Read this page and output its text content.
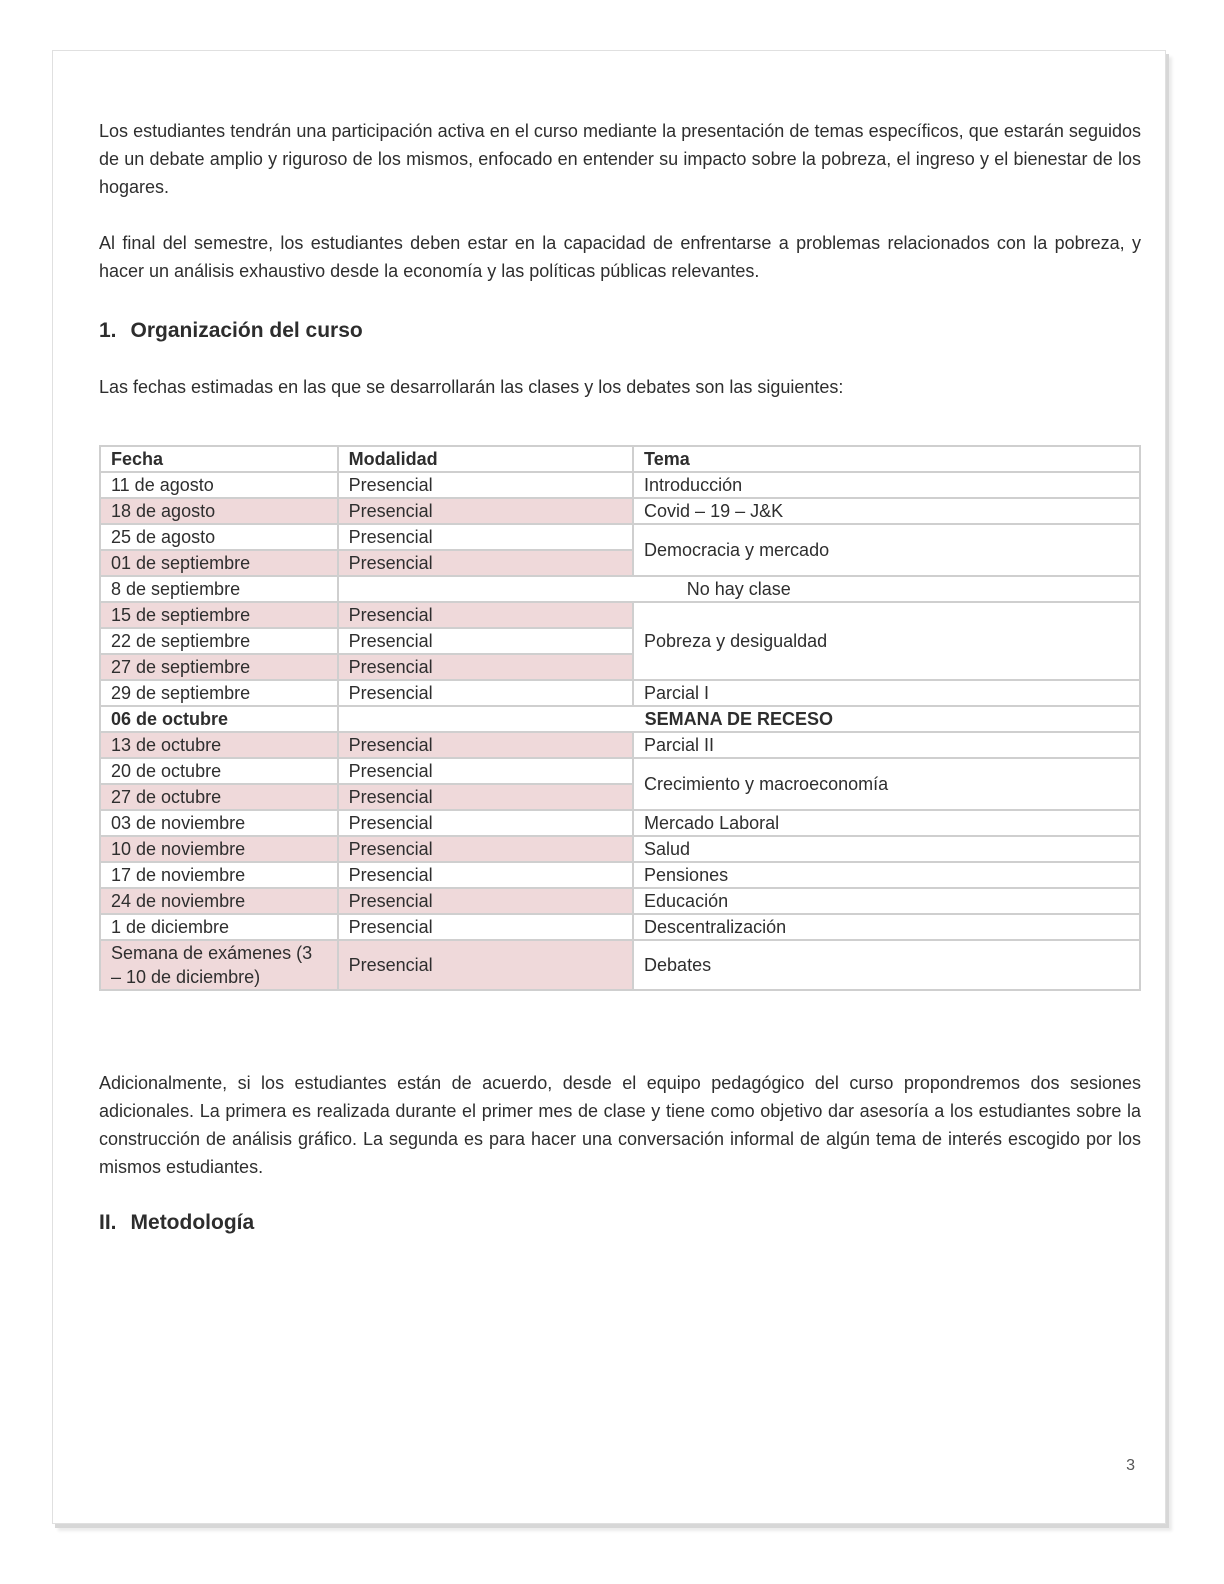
Los estudiantes tendrán una participación activa en el curso mediante la presentación de temas específicos, que estarán seguidos de un debate amplio y riguroso de los mismos, enfocado en entender su impacto sobre la pobreza, el ingreso y el bienestar de los hogares.

Al final del semestre, los estudiantes deben estar en la capacidad de enfrentarse a problemas relacionados con la pobreza, y hacer un análisis exhaustivo desde la economía y las políticas públicas relevantes.

1. Organización del curso

Las fechas estimadas en las que se desarrollarán las clases y los debates son las siguientes:

Fecha	Modalidad	Tema
11 de agosto	Presencial	Introducción
18 de agosto	Presencial	Covid – 19 – J&K
25 de agosto	Presencial	Democracia y mercado
01 de septiembre	Presencial	
8 de septiembre	No hay clase	
15 de septiembre	Presencial	Pobreza y desigualdad
22 de septiembre	Presencial	
27 de septiembre	Presencial	
29 de septiembre	Presencial	Parcial I
06 de octubre	SEMANA DE RECESO	
13 de octubre	Presencial	Parcial II
20 de octubre	Presencial	Crecimiento y macroeconomía
27 de octubre	Presencial	
03 de noviembre	Presencial	Mercado Laboral
10 de noviembre	Presencial	Salud
17 de noviembre	Presencial	Pensiones
24 de noviembre	Presencial	Educación
1 de diciembre	Presencial	Descentralización
Semana de exámenes (3 – 10 de diciembre)	Presencial	Debates

Adicionalmente, si los estudiantes están de acuerdo, desde el equipo pedagógico del curso propondremos dos sesiones adicionales. La primera es realizada durante el primer mes de clase y tiene como objetivo dar asesoría a los estudiantes sobre la construcción de análisis gráfico. La segunda es para hacer una conversación informal de algún tema de interés escogido por los mismos estudiantes.

II. Metodología
3
